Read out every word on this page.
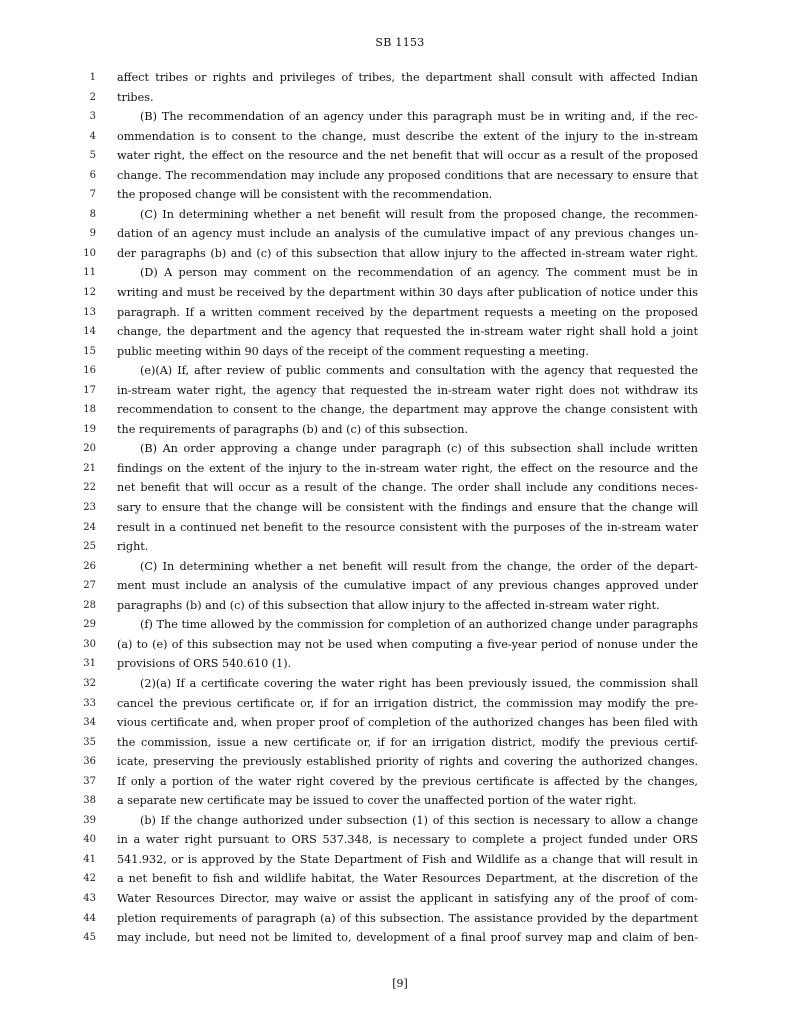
SB 1153
1 affect tribes or rights and privileges of tribes, the department shall consult with affected Indian
2 tribes.
3	(B) The recommendation of an agency under this paragraph must be in writing and, if the rec-
4 ommendation is to consent to the change, must describe the extent of the injury to the in-stream
5 water right, the effect on the resource and the net benefit that will occur as a result of the proposed
6 change. The recommendation may include any proposed conditions that are necessary to ensure that
7 the proposed change will be consistent with the recommendation.
8	(C) In determining whether a net benefit will result from the proposed change, the recommen-
9 dation of an agency must include an analysis of the cumulative impact of any previous changes un-
10 der paragraphs (b) and (c) of this subsection that allow injury to the affected in-stream water right.
11	(D) A person may comment on the recommendation of an agency. The comment must be in
12 writing and must be received by the department within 30 days after publication of notice under this
13 paragraph. If a written comment received by the department requests a meeting on the proposed
14 change, the department and the agency that requested the in-stream water right shall hold a joint
15 public meeting within 90 days of the receipt of the comment requesting a meeting.
16	(e)(A) If, after review of public comments and consultation with the agency that requested the
17 in-stream water right, the agency that requested the in-stream water right does not withdraw its
18 recommendation to consent to the change, the department may approve the change consistent with
19 the requirements of paragraphs (b) and (c) of this subsection.
20	(B) An order approving a change under paragraph (c) of this subsection shall include written
21 findings on the extent of the injury to the in-stream water right, the effect on the resource and the
22 net benefit that will occur as a result of the change. The order shall include any conditions neces-
23 sary to ensure that the change will be consistent with the findings and ensure that the change will
24 result in a continued net benefit to the resource consistent with the purposes of the in-stream water
25 right.
26	(C) In determining whether a net benefit will result from the change, the order of the depart-
27 ment must include an analysis of the cumulative impact of any previous changes approved under
28 paragraphs (b) and (c) of this subsection that allow injury to the affected in-stream water right.
29	(f) The time allowed by the commission for completion of an authorized change under paragraphs
30 (a) to (e) of this subsection may not be used when computing a five-year period of nonuse under the
31 provisions of ORS 540.610 (1).
32	(2)(a) If a certificate covering the water right has been previously issued, the commission shall
33 cancel the previous certificate or, if for an irrigation district, the commission may modify the pre-
34 vious certificate and, when proper proof of completion of the authorized changes has been filed with
35 the commission, issue a new certificate or, if for an irrigation district, modify the previous certif-
36 icate, preserving the previously established priority of rights and covering the authorized changes.
37 If only a portion of the water right covered by the previous certificate is affected by the changes,
38 a separate new certificate may be issued to cover the unaffected portion of the water right.
39	(b) If the change authorized under subsection (1) of this section is necessary to allow a change
40 in a water right pursuant to ORS 537.348, is necessary to complete a project funded under ORS
41 541.932, or is approved by the State Department of Fish and Wildlife as a change that will result in
42 a net benefit to fish and wildlife habitat, the Water Resources Department, at the discretion of the
43 Water Resources Director, may waive or assist the applicant in satisfying any of the proof of com-
44 pletion requirements of paragraph (a) of this subsection. The assistance provided by the department
45 may include, but need not be limited to, development of a final proof survey map and claim of ben-
[9]
